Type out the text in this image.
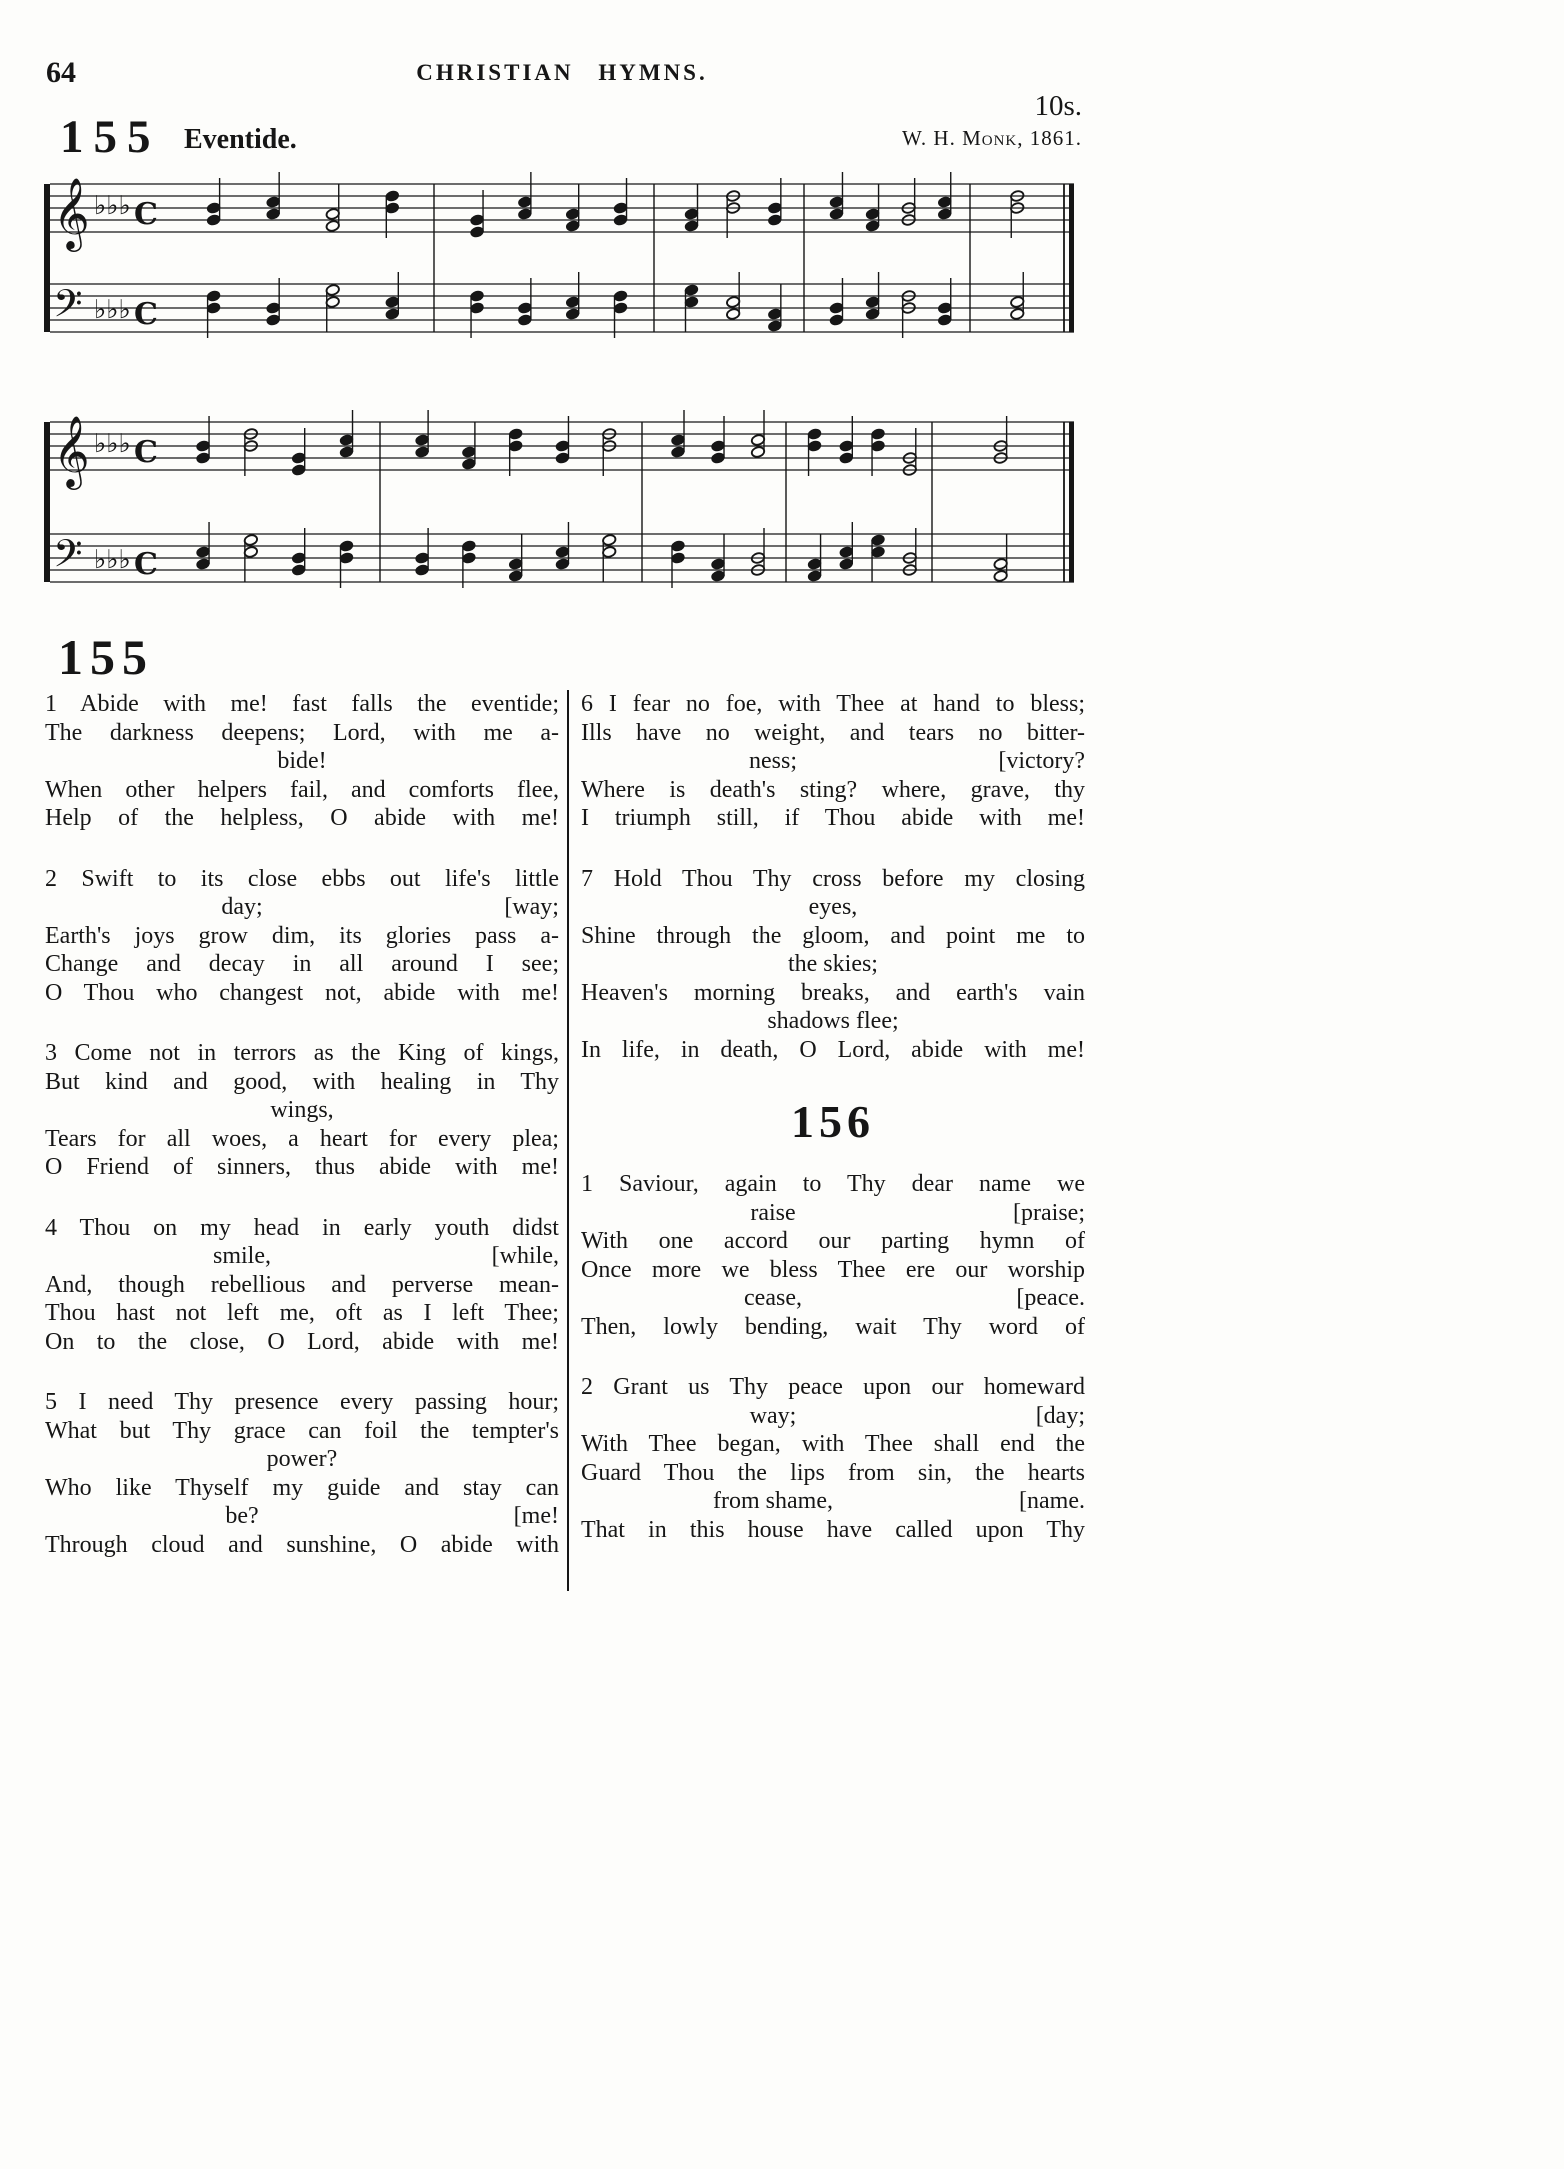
64	CHRISTIAN HYMNS.
10s.
W. H. Monk, 1861.
155 Eventide.
𝄞 ♭♭♭ C
𝄢 ♭♭♭ C
𝄞 ♭♭♭ C
𝄢 ♭♭♭ C
155
1 Abide with me! fast falls the eventide;
The darkness deepens; Lord, with me a-
bide!
When other helpers fail, and comforts flee,
Help of the helpless, O abide with me!
2 Swift to its close ebbs out life's little
day;	[way;
Earth's joys grow dim, its glories pass a-
Change and decay in all around I see;
O Thou who changest not, abide with me!
3 Come not in terrors as the King of kings,
But kind and good, with healing in Thy
wings,
Tears for all woes, a heart for every plea;
O Friend of sinners, thus abide with me!
4 Thou on my head in early youth didst
smile,	[while,
And, though rebellious and perverse mean-
Thou hast not left me, oft as I left Thee;
On to the close, O Lord, abide with me!
5 I need Thy presence every passing hour;
What but Thy grace can foil the tempter's
power?
Who like Thyself my guide and stay can
be?	[me!
Through cloud and sunshine, O abide with
6 I fear no foe, with Thee at hand to bless;
Ills have no weight, and tears no bitter-
ness;	[victory?
Where is death's sting? where, grave, thy
I triumph still, if Thou abide with me!
7 Hold Thou Thy cross before my closing
eyes,
Shine through the gloom, and point me to
the skies;
Heaven's morning breaks, and earth's vain
shadows flee;
In life, in death, O Lord, abide with me!
156
1 Saviour, again to Thy dear name we
raise	[praise;
With one accord our parting hymn of
Once more we bless Thee ere our worship
cease,	[peace.
Then, lowly bending, wait Thy word of
2 Grant us Thy peace upon our homeward
way;	[day;
With Thee began, with Thee shall end the
Guard Thou the lips from sin, the hearts
from shame,	[name.
That in this house have called upon Thy
